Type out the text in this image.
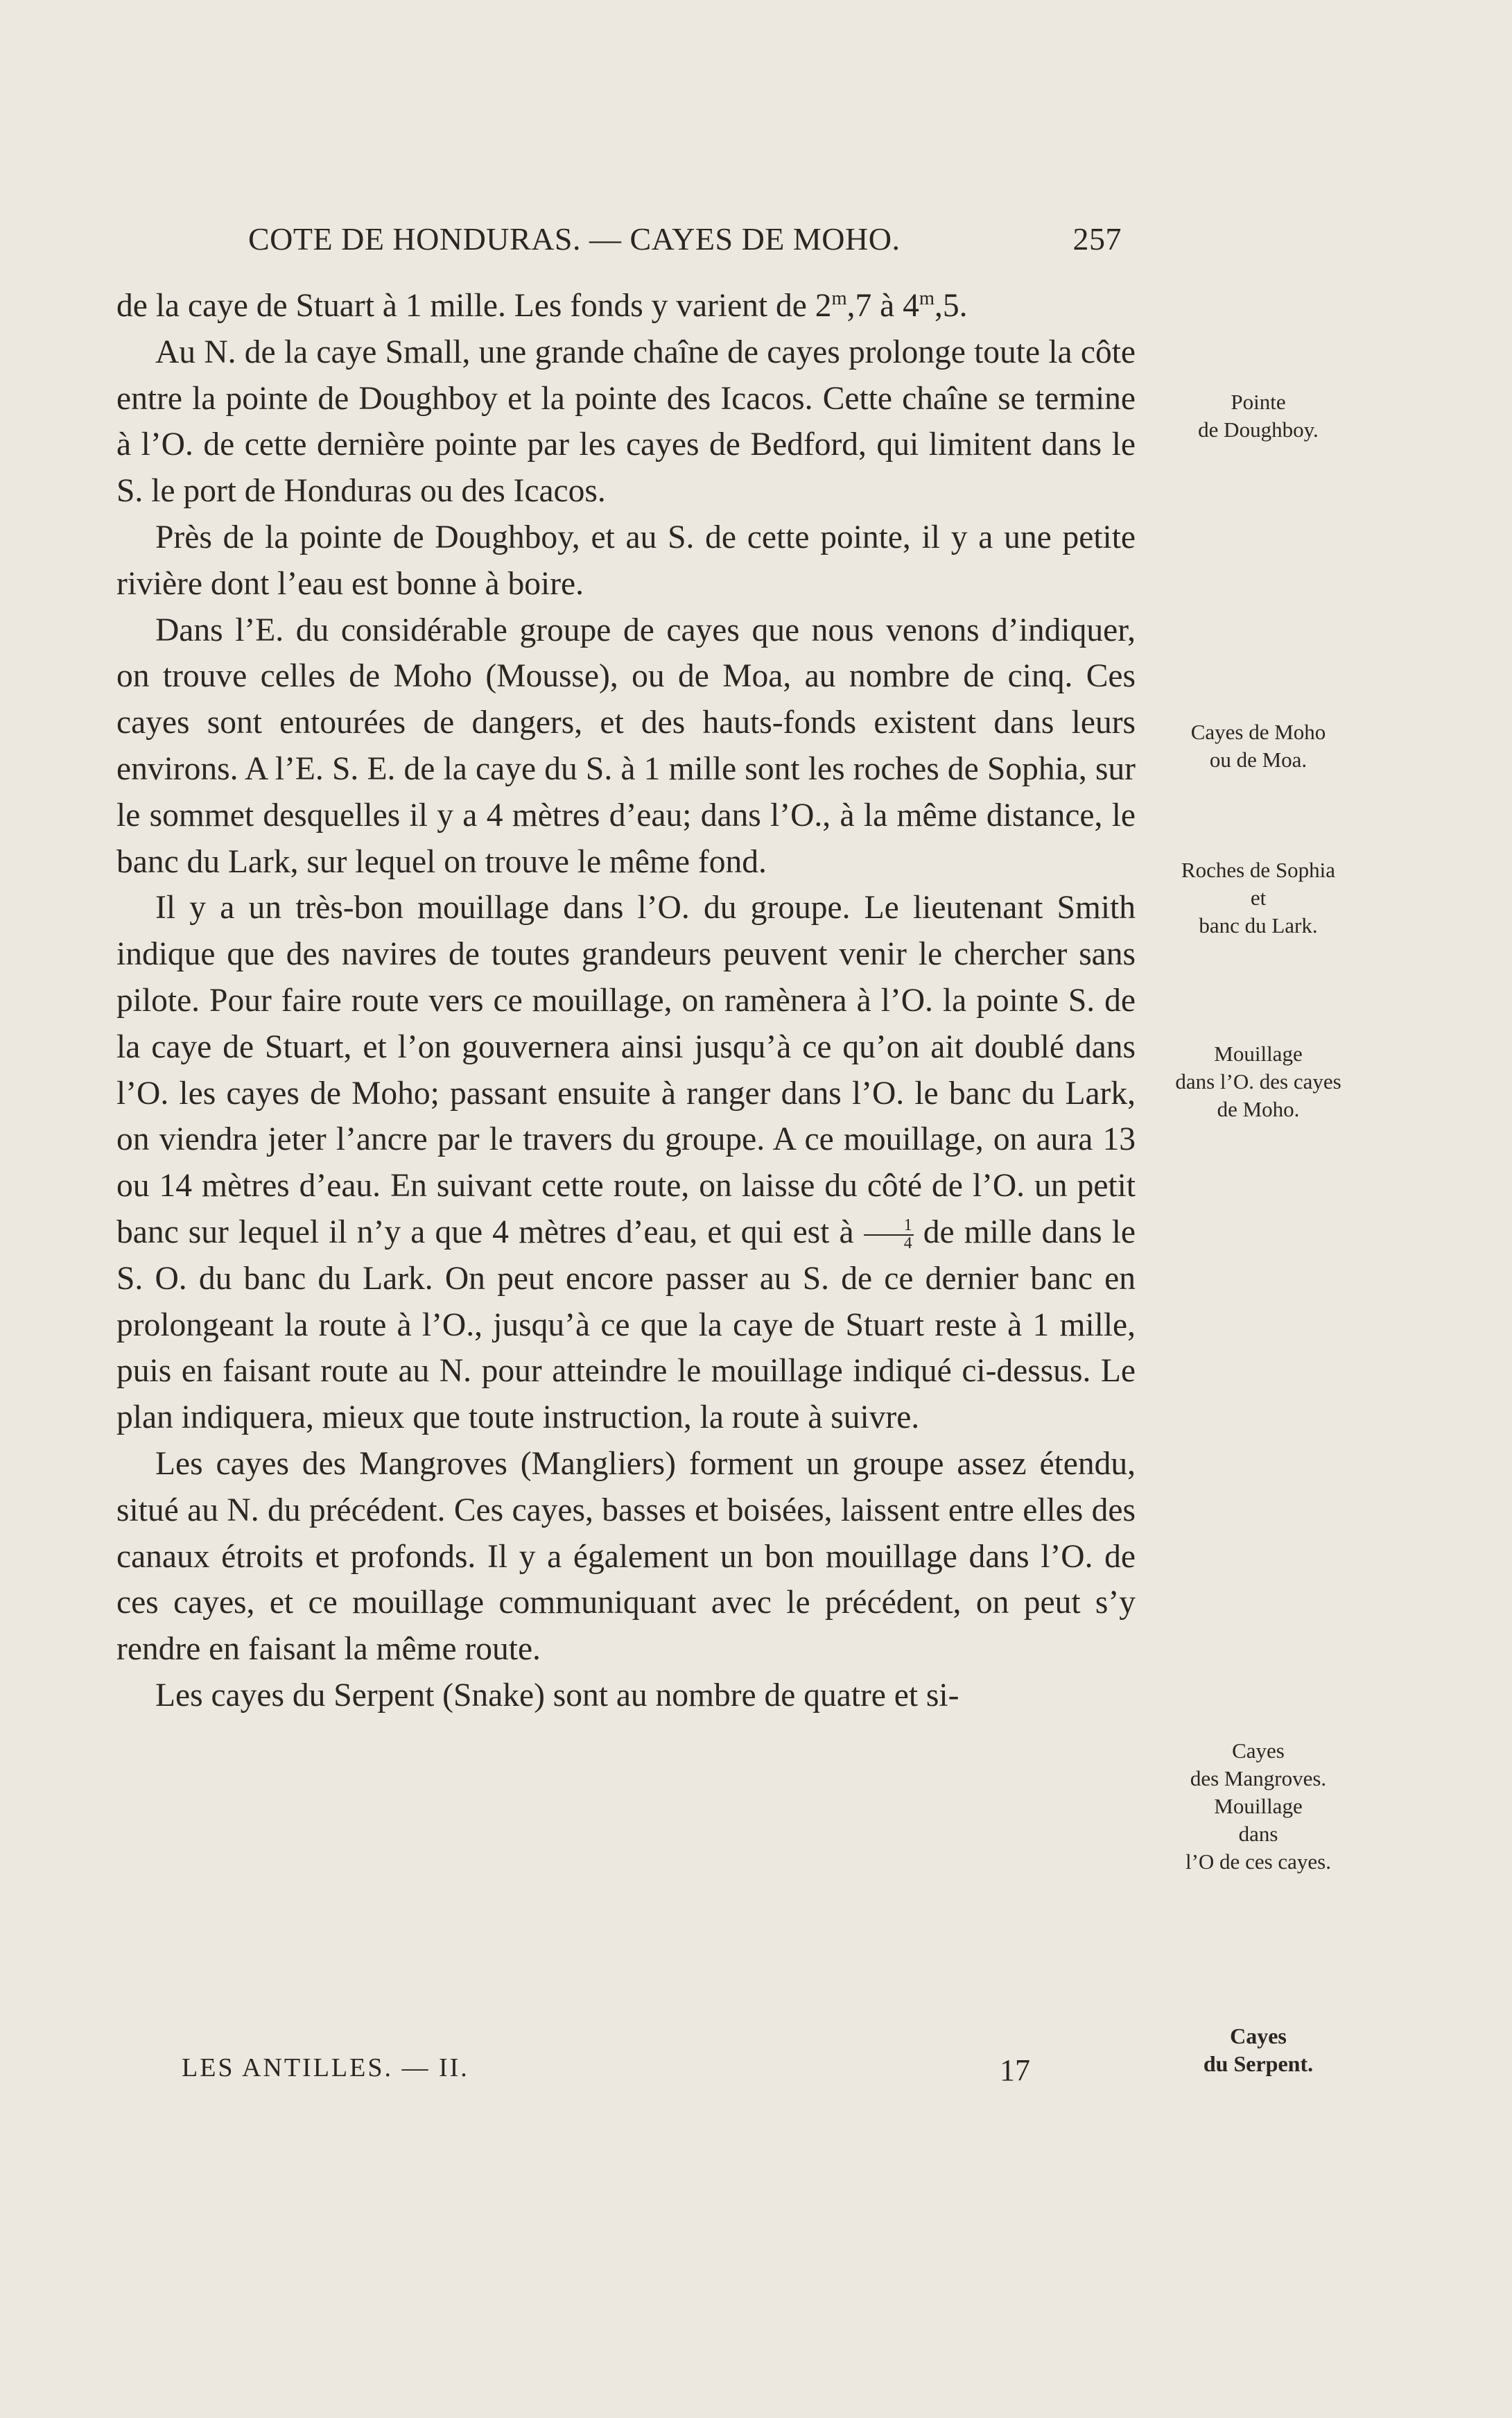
COTE DE HONDURAS. — CAYES DE MOHO.	257

de la caye de Stuart à 1 mille. Les fonds y varient de 2$^m$,7 à 4$^m$,5.

Au N. de la caye Small, une grande chaîne de cayes prolonge toute la côte entre la pointe de Doughboy et la pointe des Icacos. Cette chaîne se termine à l’O. de cette dernière pointe par les cayes de Bedford, qui limitent dans le S. le port de Honduras ou des Icacos.

Près de la pointe de Doughboy, et au S. de cette pointe, il y a une petite rivière dont l’eau est bonne à boire.

Dans l’E. du considérable groupe de cayes que nous venons d’indiquer, on trouve celles de Moho (Mousse), ou de Moa, au nombre de cinq. Ces cayes sont entourées de dangers, et des hauts-fonds existent dans leurs environs. A l’E. S. E. de la caye du S. à 1 mille sont les roches de Sophia, sur le sommet desquelles il y a 4 mètres d’eau; dans l’O., à la même distance, le banc du Lark, sur lequel on trouve le même fond.

Il y a un très-bon mouillage dans l’O. du groupe. Le lieutenant Smith indique que des navires de toutes grandeurs peuvent venir le chercher sans pilote. Pour faire route vers ce mouillage, on ramènera à l’O. la pointe S. de la caye de Stuart, et l’on gouvernera ainsi jusqu’à ce qu’on ait doublé dans l’O. les cayes de Moho; passant ensuite à ranger dans l’O. le banc du Lark, on viendra jeter l’ancre par le travers du groupe. A ce mouillage, on aura 13 ou 14 mètres d’eau. En suivant cette route, on laisse du côté de l’O. un petit banc sur lequel il n’y a que 4 mètres d’eau, et qui est à $\frac{1}{4}$ de mille dans le S. O. du banc du Lark. On peut encore passer au S. de ce dernier banc en prolongeant la route à l’O., jusqu’à ce que la caye de Stuart reste à 1 mille, puis en faisant route au N. pour atteindre le mouillage indiqué ci-dessus. Le plan indiquera, mieux que toute instruction, la route à suivre.

Les cayes des Mangroves (Mangliers) forment un groupe assez étendu, situé au N. du précédent. Ces cayes, basses et boisées, laissent entre elles des canaux étroits et profonds. Il y a également un bon mouillage dans l’O. de ces cayes, et ce mouillage communiquant avec le précédent, on peut s’y rendre en faisant la même route.

Les cayes du Serpent (Snake) sont au nombre de quatre et si-

Pointe
de Doughboy.
Cayes de Moho
ou de Moa.
Roches de Sophia
et
banc du Lark.
Mouillage
dans l’O. des cayes
de Moho.
Cayes
des Mangroves.
Mouillage
dans
l’O de ces cayes.
Cayes
du Serpent.
LES ANTILLES. — II.	17
